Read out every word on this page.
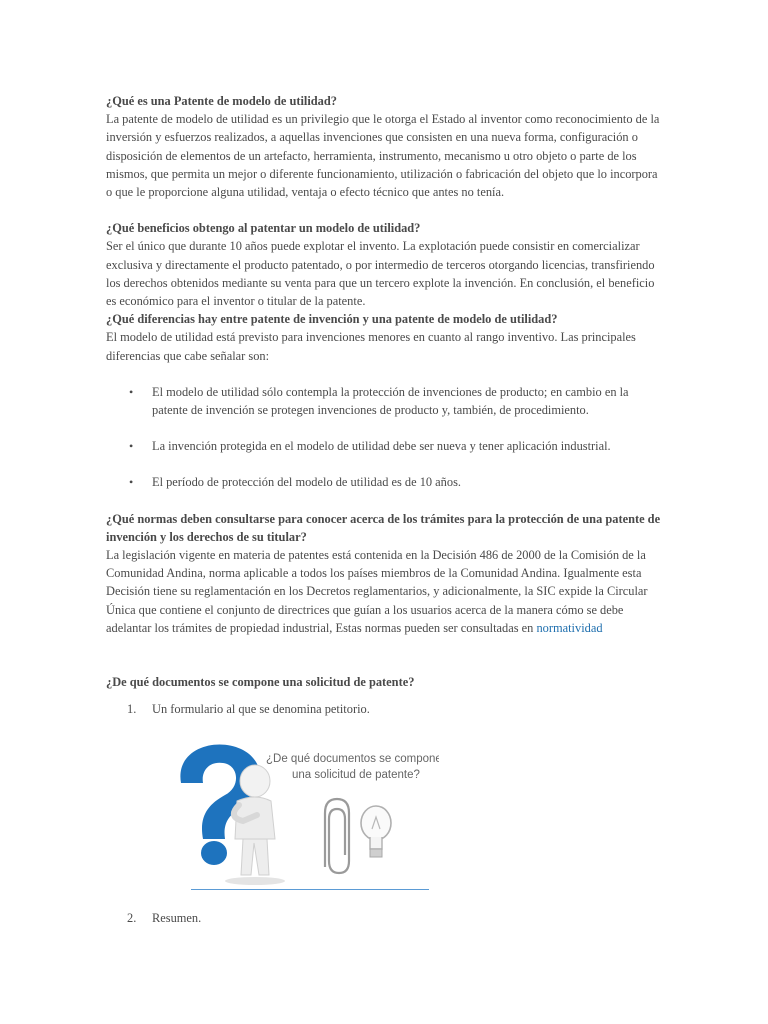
¿Qué es una Patente de modelo de utilidad?

La patente de modelo de utilidad es un privilegio que le otorga el Estado al inventor como reconocimiento de la inversión y esfuerzos realizados, a aquellas invenciones que consisten en una nueva forma, configuración o disposición de elementos de un artefacto, herramienta, instrumento, mecanismo u otro objeto o parte de los mismos, que permita un mejor o diferente funcionamiento, utilización o fabricación del objeto que lo incorpora o que le proporcione alguna utilidad, ventaja o efecto técnico que antes no tenía.

¿Qué beneficios obtengo al patentar un modelo de utilidad?

Ser el único que durante 10 años puede explotar el invento. La explotación puede consistir en comercializar exclusiva y directamente el producto patentado, o por intermedio de terceros otorgando licencias, transfiriendo los derechos obtenidos mediante su venta para que un tercero explote la invención. En conclusión, el beneficio es económico para el inventor o titular de la patente.

¿Qué diferencias hay entre patente de invención y una patente de modelo de utilidad?

El modelo de utilidad está previsto para invenciones menores en cuanto al rango inventivo. Las principales diferencias que cabe señalar son:

• El modelo de utilidad sólo contempla la protección de invenciones de producto; en cambio en la patente de invención se protegen invenciones de producto y, también, de procedimiento.
• La invención protegida en el modelo de utilidad debe ser nueva y tener aplicación industrial.
• El período de protección del modelo de utilidad es de 10 años.
¿Qué normas deben consultarse para conocer acerca de los trámites para la protección de una patente de invención y los derechos de su titular?

La legislación vigente en materia de patentes está contenida en la Decisión 486 de 2000 de la Comisión de la Comunidad Andina, norma aplicable a todos los países miembros de la Comunidad Andina. Igualmente esta Decisión tiene su reglamentación en los Decretos reglamentarios, y adicionalmente, la SIC expide la Circular Única que contiene el conjunto de directrices que guían a los usuarios acerca de la manera cómo se debe adelantar los trámites de propiedad industrial, Estas normas pueden ser consultadas en normatividad

¿De qué documentos se compone una solicitud de patente?
1. Un formulario al que se denomina petitorio.
¿De qué documentos se compone
una solicitud de patente?
2. Resumen.
